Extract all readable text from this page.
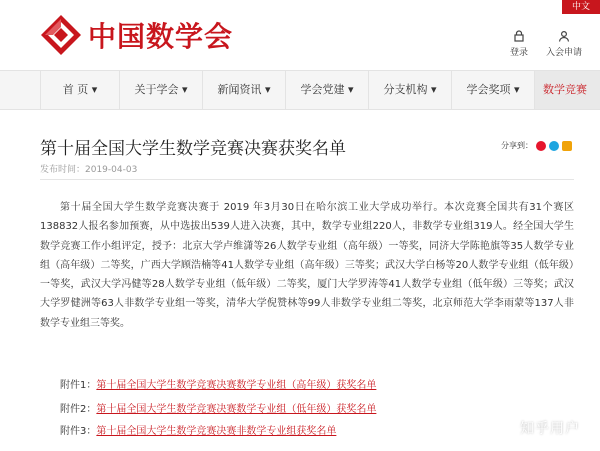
中文
中国数学会	登录 入会申请
首 页 ▾	关于学会 ▾	新闻资讯 ▾	学会党建 ▾	分支机构 ▾	学会奖项 ▾	数学竞赛
第十届全国大学生数学竞赛决赛获奖名单	分享到：
发布时间：2019-04-03

第十届全国大学生数学竞赛决赛于 2019 年3月30日在哈尔滨工业大学成功举行。本次竞赛全国共有31个赛区138832人报名参加预赛，从中选拔出539人进入决赛，其中，数学专业组220人，非数学专业组319人。经全国大学生数学竞赛工作小组评定，授予：北京大学卢维潇等26人数学专业组（高年级）一等奖，同济大学陈艳旗等35人数学专业组（高年级）二等奖，广西大学顾浩楠等41人数学专业组（高年级）三等奖；武汉大学白杨等20人数学专业组（低年级）一等奖，武汉大学冯健等28人数学专业组（低年级）二等奖，厦门大学罗涛等41人数学专业组（低年级）三等奖；武汉大学罗健洲等63人非数学专业组一等奖，清华大学倪赞林等99人非数学专业组二等奖，北京师范大学李雨蒙等137人非数学专业组三等奖。

附件1：第十届全国大学生数学竞赛决赛数学专业组（高年级）获奖名单
附件2：第十届全国大学生数学竞赛决赛数学专业组（低年级）获奖名单
附件3：第十届全国大学生数学竞赛决赛非数学专业组获奖名单	知乎用户
